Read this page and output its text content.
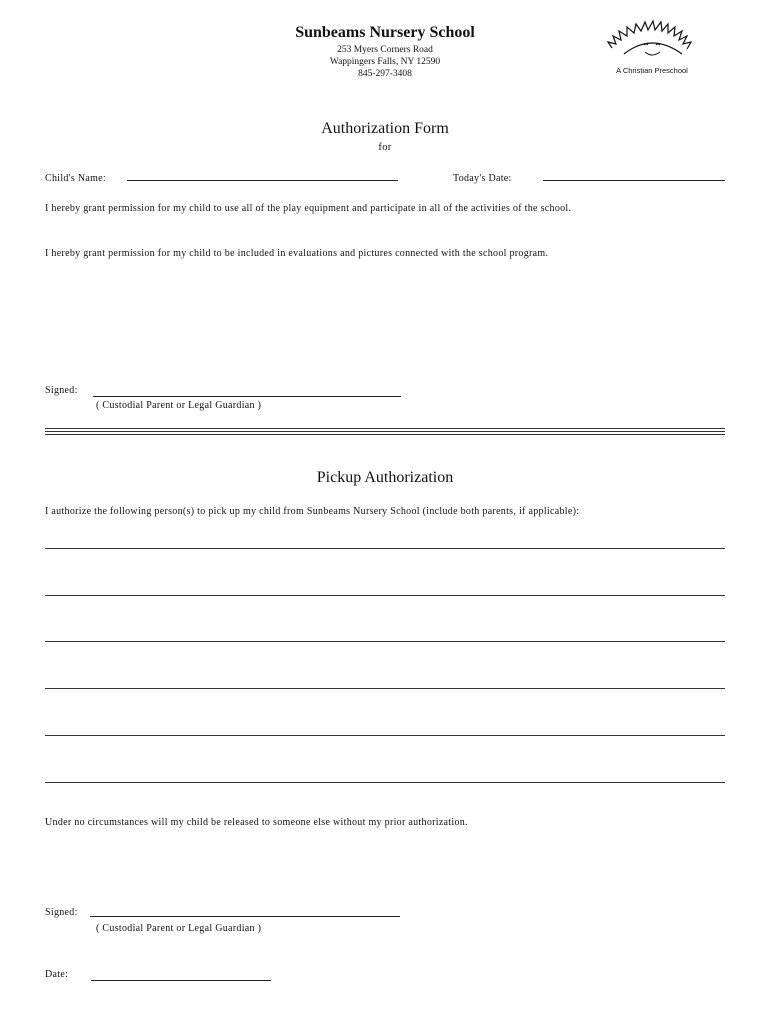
Sunbeams Nursery School
253 Myers Corners Road
Wappingers Falls, NY 12590
845-297-3408	A Christian Preschool
Authorization Form
for
Child's Name:	Today's Date:
I hereby grant permission for my child to use all of the play equipment and participate in all of the activities of the school.
I hereby grant permission for my child to be included in evaluations and pictures connected with the school program.
Signed:
( Custodial Parent or Legal Guardian )
Pickup Authorization
I authorize the following person(s) to pick up my child from Sunbeams Nursery School (include both parents, if applicable):
Under no circumstances will my child be released to someone else without my prior authorization.
Signed:
( Custodial Parent or Legal Guardian )
Date:
